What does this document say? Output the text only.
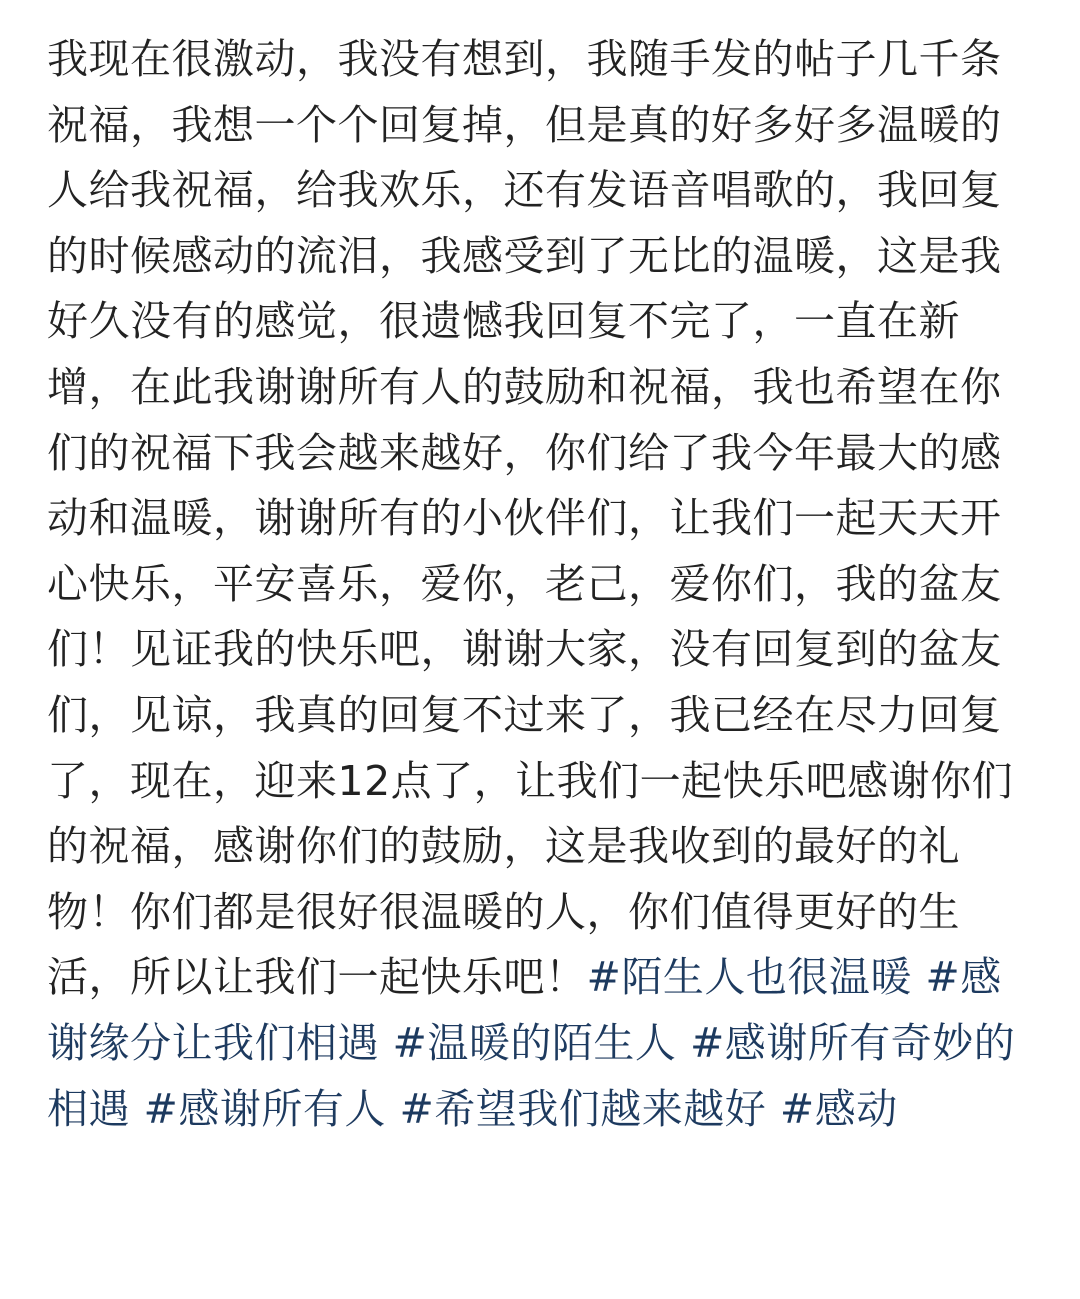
我现在很激动，我没有想到，我随手发的帖子几千条祝福，我想一个个回复掉，但是真的好多好多温暖的人给我祝福，给我欢乐，还有发语音唱歌的，我回复的时候感动的流泪，我感受到了无比的温暖，这是我好久没有的感觉，很遗憾我回复不完了，一直在新增，在此我谢谢所有人的鼓励和祝福，我也希望在你们的祝福下我会越来越好，你们给了我今年最大的感动和温暖，谢谢所有的小伙伴们，让我们一起天天开心快乐，平安喜乐，爱你，老己，爱你们，我的盆友们！见证我的快乐吧，谢谢大家，没有回复到的盆友们，见谅，我真的回复不过来了，我已经在尽力回复了，现在，迎来12点了，让我们一起快乐吧感谢你们的祝福，感谢你们的鼓励，这是我收到的最好的礼物！你们都是很好很温暖的人，你们值得更好的生活，所以让我们一起快乐吧！#陌生人也很温暖 #感谢缘分让我们相遇 #温暖的陌生人 #感谢所有奇妙的相遇 #感谢所有人 #希望我们越来越好 #感动
